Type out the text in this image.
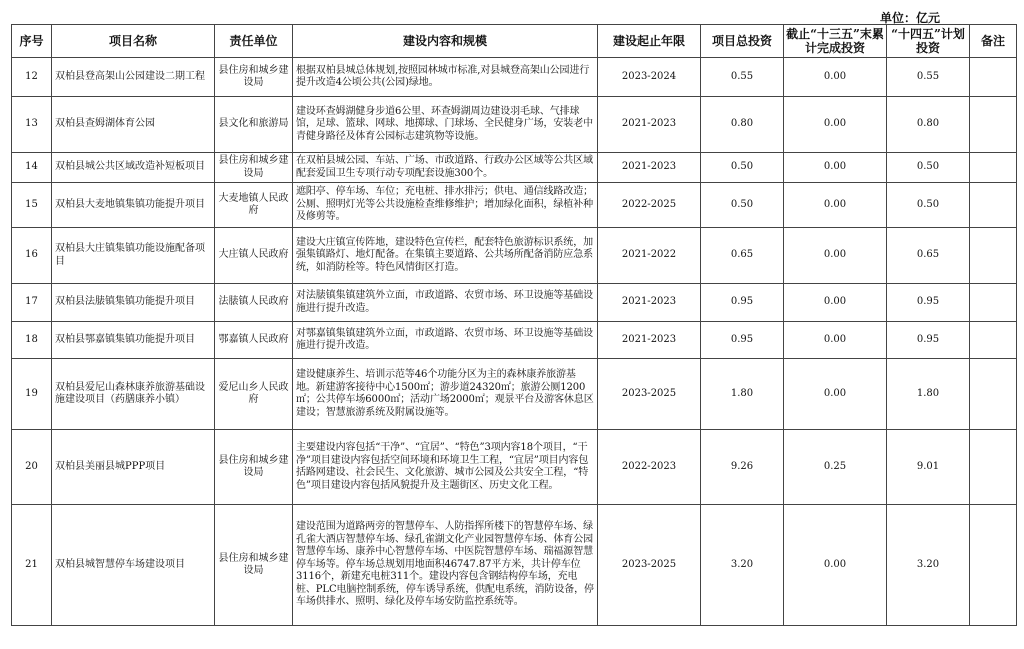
单位：亿元
序号	项目名称	责任单位	建设内容和规模	建设起止年限	项目总投资	截止“十三五”末累计完成投资	“十四五”计划投资	备注
12	双柏县登高架山公园建设二期工程	县住房和城乡建设局	根据双柏县城总体规划,按照园林城市标准,对县城登高架山公园进行提升改造4公顷公共(公园)绿地。	2023-2024	0.55	0.00	0.55	
13	双柏县查姆湖体育公园	县文化和旅游局	建设环查姆湖健身步道6公里、环查姆湖周边建设羽毛球、气排球馆，足球、篮球、网球、地掷球、门球场、全民健身广场，安装老中青健身路径及体育公园标志建筑物等设施。	2021-2023	0.80	0.00	0.80	
14	双柏县城公共区域改造补短板项目	县住房和城乡建设局	在双柏县城公园、车站、广场、市政道路、行政办公区域等公共区域配套爱国卫生专项行动专项配套设施300个。	2021-2023	0.50	0.00	0.50	
15	双柏县大麦地镇集镇功能提升项目	大麦地镇人民政府	遮阳亭、停车场、车位；充电桩、排水排污；供电、通信线路改造；公厕、照明灯光等公共设施检查维修维护；增加绿化面积，绿植补种及修剪等。	2022-2025	0.50	0.00	0.50	
16	双柏县大庄镇集镇功能设施配备项目	大庄镇人民政府	建设大庄镇宣传阵地，建设特色宣传栏，配套特色旅游标识系统，加强集镇路灯、地灯配备。在集镇主要道路、公共场所配备消防应急系统，如消防栓等。特色风情街区打造。	2021-2022	0.65	0.00	0.65	
17	双柏县法脿镇集镇功能提升项目	法脿镇人民政府	对法脿镇集镇建筑外立面，市政道路、农贸市场、环卫设施等基础设施进行提升改造。	2021-2023	0.95	0.00	0.95	
18	双柏县鄂嘉镇集镇功能提升项目	鄂嘉镇人民政府	对鄂嘉镇集镇建筑外立面，市政道路、农贸市场、环卫设施等基础设施进行提升改造。	2021-2023	0.95	0.00	0.95	
19	双柏县爱尼山森林康养旅游基础设施建设项目（药膳康养小镇）	爱尼山乡人民政府	建设健康养生、培训示范等46个功能分区为主的森林康养旅游基地。新建游客接待中心1500㎡；游步道24320㎡；旅游公厕1200㎡；公共停车场6000㎡；活动广场2000㎡；观景平台及游客休息区建设；智慧旅游系统及附属设施等。	2023-2025	1.80	0.00	1.80	
20	双柏县美丽县城PPP项目	县住房和城乡建设局	主要建设内容包括“干净”、“宜居”、“特色”3项内容18个项目，“干净”项目建设内容包括空间环境和环境卫生工程，“宜居”项目内容包括路网建设、社会民生、文化旅游、城市公园及公共安全工程，“特色”项目建设内容包括风貌提升及主题街区、历史文化工程。	2022-2023	9.26	0.25	9.01	
21	双柏县城智慧停车场建设项目	县住房和城乡建设局	建设范围为道路两旁的智慧停车、人防指挥所楼下的智慧停车场、绿孔雀大酒店智慧停车场、绿孔雀湖文化产业园智慧停车场、体育公园智慧停车场、康养中心智慧停车场、中医院智慧停车场、瑞福源智慧停车场等。停车场总规划用地面积46747.87平方米，共计停车位3116个，新建充电桩311个。建设内容包含钢结构停车场，充电桩、PLC电脑控制系统，停车诱导系统，供配电系统，消防设备，停车场供排水、照明、绿化及停车场安防监控系统等。	2023-2025	3.20	0.00	3.20	
